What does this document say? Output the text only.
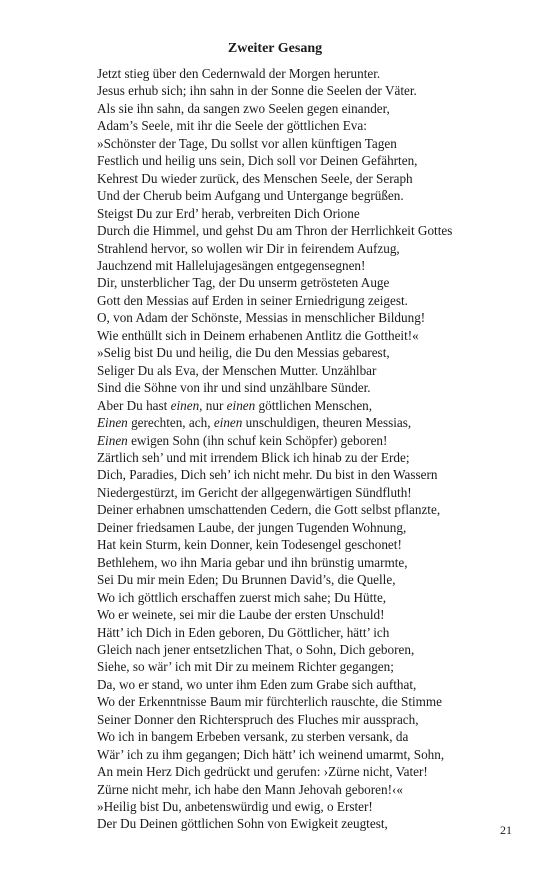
Zweiter Gesang
Jetzt stieg über den Cedernwald der Morgen herunter.
Jesus erhub sich; ihn sahn in der Sonne die Seelen der Väter.
Als sie ihn sahn, da sangen zwo Seelen gegen einander,
Adam’s Seele, mit ihr die Seele der göttlichen Eva:
»Schönster der Tage, Du sollst vor allen künftigen Tagen
Festlich und heilig uns sein, Dich soll vor Deinen Gefährten,
Kehrest Du wieder zurück, des Menschen Seele, der Seraph
Und der Cherub beim Aufgang und Untergange begrüßen.
Steigst Du zur Erd’ herab, verbreiten Dich Orione
Durch die Himmel, und gehst Du am Thron der Herrlichkeit Gottes
Strahlend hervor, so wollen wir Dir in feirendem Aufzug,
Jauchzend mit Hallelujagesängen entgegensegnen!
Dir, unsterblicher Tag, der Du unserm getrösteten Auge
Gott den Messias auf Erden in seiner Erniedrigung zeigest.
O, von Adam der Schönste, Messias in menschlicher Bildung!
Wie enthüllt sich in Deinem erhabenen Antlitz die Gottheit!«
»Selig bist Du und heilig, die Du den Messias gebarest,
Seliger Du als Eva, der Menschen Mutter. Unzählbar
Sind die Söhne von ihr und sind unzählbare Sünder.
Aber Du hast einen, nur einen göttlichen Menschen,
Einen gerechten, ach, einen unschuldigen, theuren Messias,
Einen ewigen Sohn (ihn schuf kein Schöpfer) geboren!
Zärtlich seh’ und mit irrendem Blick ich hinab zu der Erde;
Dich, Paradies, Dich seh’ ich nicht mehr. Du bist in den Wassern
Niedergestürzt, im Gericht der allgegenwärtigen Sündfluth!
Deiner erhabnen umschattenden Cedern, die Gott selbst pflanzte,
Deiner friedsamen Laube, der jungen Tugenden Wohnung,
Hat kein Sturm, kein Donner, kein Todesengel geschonet!
Bethlehem, wo ihn Maria gebar und ihn brünstig umarmte,
Sei Du mir mein Eden; Du Brunnen David’s, die Quelle,
Wo ich göttlich erschaffen zuerst mich sahe; Du Hütte,
Wo er weinete, sei mir die Laube der ersten Unschuld!
Hätt’ ich Dich in Eden geboren, Du Göttlicher, hätt’ ich
Gleich nach jener entsetzlichen That, o Sohn, Dich geboren,
Siehe, so wär’ ich mit Dir zu meinem Richter gegangen;
Da, wo er stand, wo unter ihm Eden zum Grabe sich aufthat,
Wo der Erkenntnisse Baum mir fürchterlich rauschte, die Stimme
Seiner Donner den Richterspruch des Fluches mir aussprach,
Wo ich in bangem Erbeben versank, zu sterben versank, da
Wär’ ich zu ihm gegangen; Dich hätt’ ich weinend umarmt, Sohn,
An mein Herz Dich gedrückt und gerufen: ›Zürne nicht, Vater!
Zürne nicht mehr, ich habe den Mann Jehovah geboren!‹«
»Heilig bist Du, anbetenswürdig und ewig, o Erster!
Der Du Deinen göttlichen Sohn von Ewigkeit zeugtest,	21
